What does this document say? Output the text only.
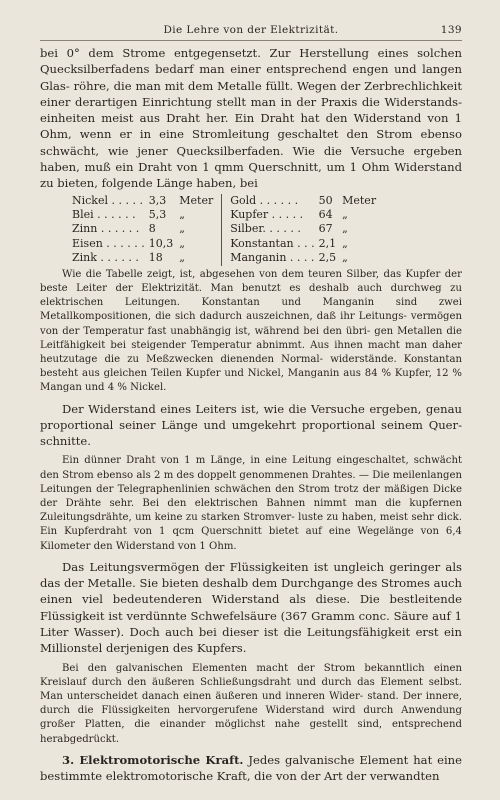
Die Lehre von der Elektrizität.	139

bei 0° dem Strome entgegensetzt. Zur Herstellung eines solchen Quecksilberfadens bedarf man einer entsprechend engen und langen Glas- röhre, die man mit dem Metalle füllt. Wegen der Zerbrechlichkeit einer derartigen Einrichtung stellt man in der Praxis die Widerstands- einheiten meist aus Draht her. Ein Draht hat den Widerstand von 1 Ohm, wenn er in eine Stromleitung geschaltet den Strom ebenso schwächt, wie jener Quecksilberfaden. Wie die Versuche ergeben haben, muß ein Draht von 1 qmm Querschnitt, um 1 Ohm Widerstand zu bieten, folgende Länge haben, bei

Nickel . . . . .	3,3	Meter	Gold . . . . . .	50	Meter
Blei . . . . . .	5,3	„	Kupfer . . . . .	64	„
Zinn . . . . . .	8	„	Silber. . . . . .	67	„
Eisen . . . . . .	10,3	„	Konstantan . . .	2,1	„
Zink . . . . . .	18	„	Manganin . . . .	2,5	„

Wie die Tabelle zeigt, ist, abgesehen von dem teuren Silber, das Kupfer der beste Leiter der Elektrizität. Man benutzt es deshalb auch durchweg zu elektrischen Leitungen. Konstantan und Manganin sind zwei Metallkompositionen, die sich dadurch auszeichnen, daß ihr Leitungs- vermögen von der Temperatur fast unabhängig ist, während bei den übri- gen Metallen die Leitfähigkeit bei steigender Temperatur abnimmt. Aus ihnen macht man daher heutzutage die zu Meßzwecken dienenden Normal- widerstände. Konstantan besteht aus gleichen Teilen Kupfer und Nickel, Manganin aus 84 % Kupfer, 12 % Mangan und 4 % Nickel.

Der Widerstand eines Leiters ist, wie die Versuche ergeben, genau proportional seiner Länge und umgekehrt proportional seinem Quer- schnitte.

Ein dünner Draht von 1 m Länge, in eine Leitung eingeschaltet, schwächt den Strom ebenso als 2 m des doppelt genommenen Drahtes. — Die meilenlangen Leitungen der Telegraphenlinien schwächen den Strom trotz der mäßigen Dicke der Drähte sehr. Bei den elektrischen Bahnen nimmt man die kupfernen Zuleitungsdrähte, um keine zu starken Stromver- luste zu haben, meist sehr dick. Ein Kupferdraht von 1 qcm Querschnitt bietet auf eine Wegelänge von 6,4 Kilometer den Widerstand von 1 Ohm.

Das Leitungsvermögen der Flüssigkeiten ist ungleich geringer als das der Metalle. Sie bieten deshalb dem Durchgange des Stromes auch einen viel bedeutenderen Widerstand als diese. Die bestleitende Flüssigkeit ist verdünnte Schwefelsäure (367 Gramm conc. Säure auf 1 Liter Wasser). Doch auch bei dieser ist die Leitungsfähigkeit erst ein Millionstel derjenigen des Kupfers.

Bei den galvanischen Elementen macht der Strom bekanntlich einen Kreislauf durch den äußeren Schließungsdraht und durch das Element selbst. Man unterscheidet danach einen äußeren und inneren Wider- stand. Der innere, durch die Flüssigkeiten hervorgerufene Widerstand wird durch Anwendung großer Platten, die einander möglichst nahe gestellt sind, entsprechend herabgedrückt.

3. Elektromotorische Kraft. Jedes galvanische Element hat eine bestimmte elektromotorische Kraft, die von der Art der verwandten
